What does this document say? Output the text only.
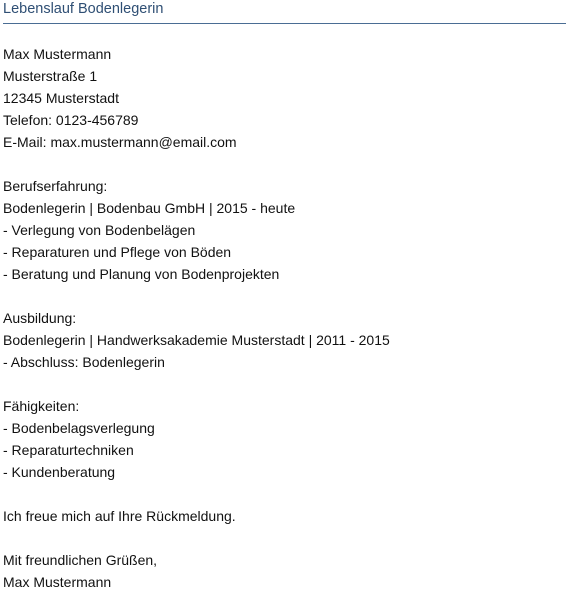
Lebenslauf Bodenlegerin
Max Mustermann
Musterstraße 1
12345 Musterstadt
Telefon: 0123-456789
E-Mail: max.mustermann@email.com
Berufserfahrung:
Bodenlegerin | Bodenbau GmbH | 2015 - heute
- Verlegung von Bodenbelägen
- Reparaturen und Pflege von Böden
- Beratung und Planung von Bodenprojekten
Ausbildung:
Bodenlegerin | Handwerksakademie Musterstadt | 2011 - 2015
- Abschluss: Bodenlegerin
Fähigkeiten:
- Bodenbelagsverlegung
- Reparaturtechniken
- Kundenberatung
Ich freue mich auf Ihre Rückmeldung.
Mit freundlichen Grüßen,
Max Mustermann
